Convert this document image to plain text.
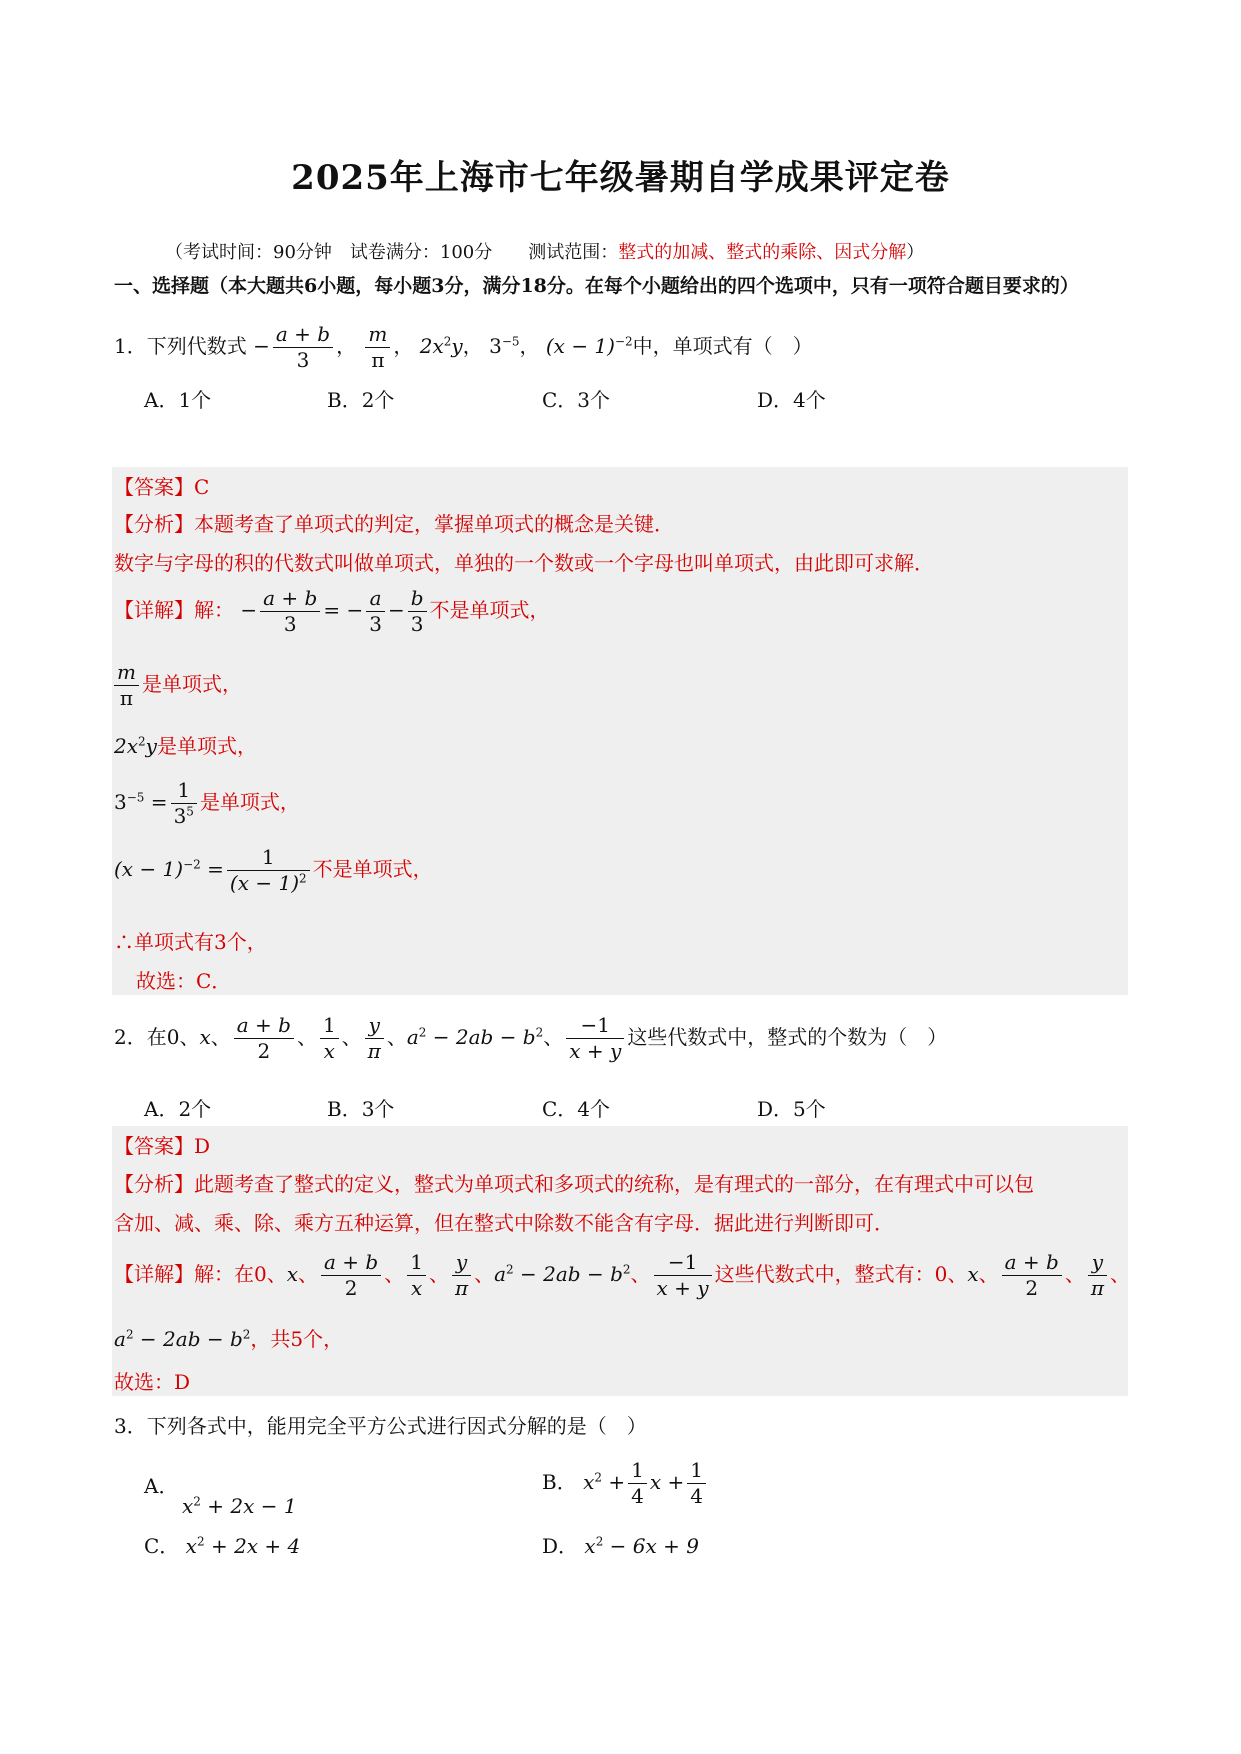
2025年上海市七年级暑期自学成果评定卷
（考试时间：90分钟　试卷满分：100分　　测试范围：整式的加减、整式的乘除、因式分解）
一、选择题（本大题共6小题，每小题3分，满分18分。在每个小题给出的四个选项中，只有一项符合题目要求的）
1．下列代数式 − $\frac{a + b}{3}$ ， $\frac{m}{\pi}$ ， $2x^2y$， $3^{-5}$， $(x - 1)^{-2}$中，单项式有（　）
A．1个	B．2个	C．3个	D．4个
【答案】C
【分析】本题考查了单项式的判定，掌握单项式的概念是关键．
数字与字母的积的代数式叫做单项式，单独的一个数或一个字母也叫单项式，由此即可求解．
【详解】解： − $\frac{a + b}{3}$ = − $\frac{a}{3} - \frac{b}{3}$ 不是单项式，
$\frac{m}{\pi}$ 是单项式，
$2x^2y$是单项式，
$3^{-5} = \frac{1}{3^5}$ 是单项式，
$(x - 1)^{-2} = \frac{1}{(x - 1)^2}$ 不是单项式，
∴单项式有3个，
故选：C．
2．在0、x、 $\frac{a + b}{2}$ 、 $\frac{1}{x}$ 、 $\frac{y}{\pi}$ 、$a^2 - 2ab - b^2$、 $\frac{-1}{x + y}$ 这些代数式中，整式的个数为（　）
A．2个	B．3个	C．4个	D．5个
【答案】D
【分析】此题考查了整式的定义，整式为单项式和多项式的统称，是有理式的一部分，在有理式中可以包
含加、减、乘、除、乘方五种运算，但在整式中除数不能含有字母．据此进行判断即可．
【详解】解：在0、x、 $\frac{a + b}{2}$ 、 $\frac{1}{x}$ 、 $\frac{y}{\pi}$ 、$a^2 - 2ab - b^2$、 $\frac{-1}{x + y}$ 这些代数式中，整式有：0、x、 $\frac{a + b}{2}$ 、 $\frac{y}{\pi}$ 、
$a^2 - 2ab - b^2$，共5个，
故选：D
3．下列各式中，能用完全平方公式进行因式分解的是（　）
A．
$x^2 + 2x - 1$
B． $x^2 + \frac{1}{4}$ $x + \frac{1}{4}$
C． $x^2 + 2x + 4$	D． $x^2 - 6x + 9$
